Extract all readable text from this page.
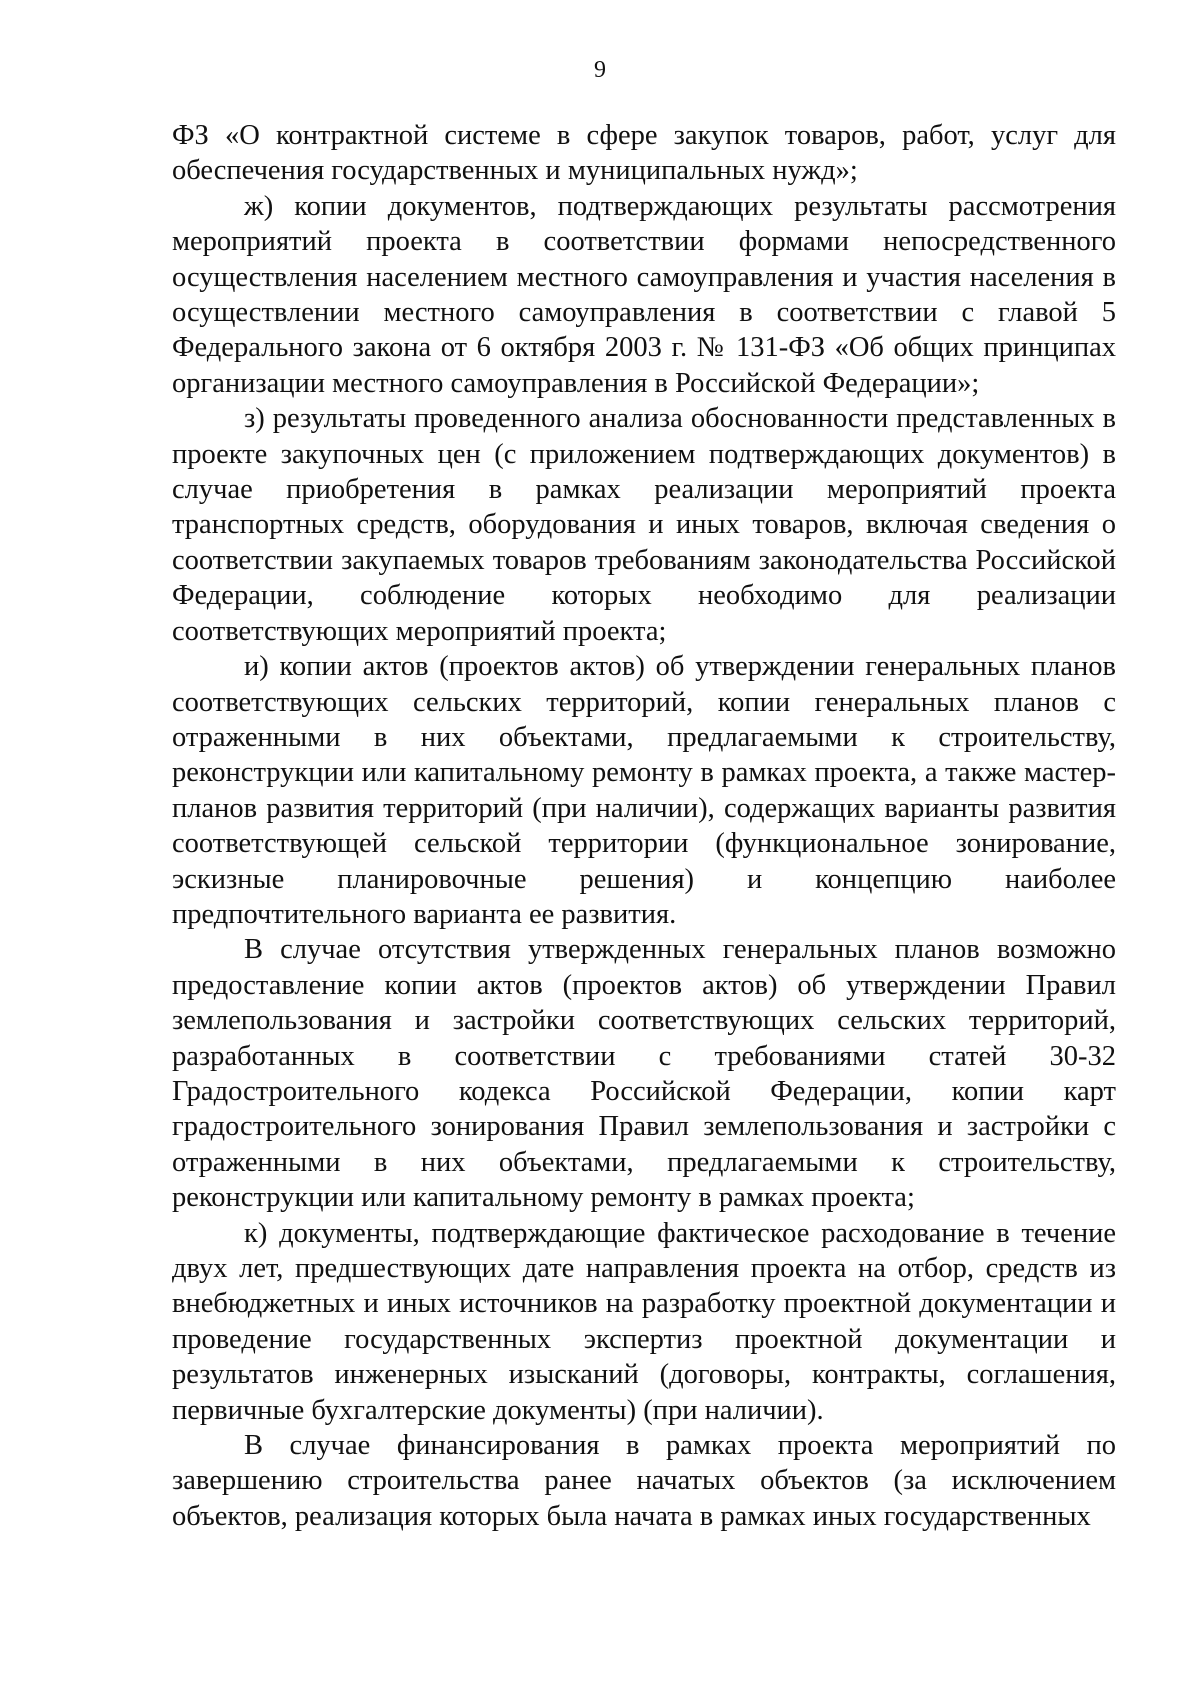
9

ФЗ «О контрактной системе в сфере закупок товаров, работ, услуг для обеспечения государственных и муниципальных нужд»;

ж) копии документов, подтверждающих результаты рассмотрения мероприятий проекта в соответствии формами непосредственного осуществления населением местного самоуправления и участия населения в осуществлении местного самоуправления в соответствии с главой 5 Федерального закона от 6 октября 2003 г. № 131-ФЗ «Об общих принципах организации местного самоуправления в Российской Федерации»;

з) результаты проведенного анализа обоснованности представленных в проекте закупочных цен (с приложением подтверждающих документов) в случае приобретения в рамках реализации мероприятий проекта транспортных средств, оборудования и иных товаров, включая сведения о соответствии закупаемых товаров требованиям законодательства Российской Федерации, соблюдение которых необходимо для реализации соответствующих мероприятий проекта;

и) копии актов (проектов актов) об утверждении генеральных планов соответствующих сельских территорий, копии генеральных планов с отраженными в них объектами, предлагаемыми к строительству, реконструкции или капитальному ремонту в рамках проекта, а также мастер-планов развития территорий (при наличии), содержащих варианты развития соответствующей сельской территории (функциональное зонирование, эскизные планировочные решения) и концепцию наиболее предпочтительного варианта ее развития.

В случае отсутствия утвержденных генеральных планов возможно предоставление копии актов (проектов актов) об утверждении Правил землепользования и застройки соответствующих сельских территорий, разработанных в соответствии с требованиями статей 30-32 Градостроительного кодекса Российской Федерации, копии карт градостроительного зонирования Правил землепользования и застройки с отраженными в них объектами, предлагаемыми к строительству, реконструкции или капитальному ремонту в рамках проекта;

к) документы, подтверждающие фактическое расходование в течение двух лет, предшествующих дате направления проекта на отбор, средств из внебюджетных и иных источников на разработку проектной документации и проведение государственных экспертиз проектной документации и результатов инженерных изысканий (договоры, контракты, соглашения, первичные бухгалтерские документы) (при наличии).

В случае финансирования в рамках проекта мероприятий по завершению строительства ранее начатых объектов (за исключением объектов, реализация которых была начата в рамках иных государственных
